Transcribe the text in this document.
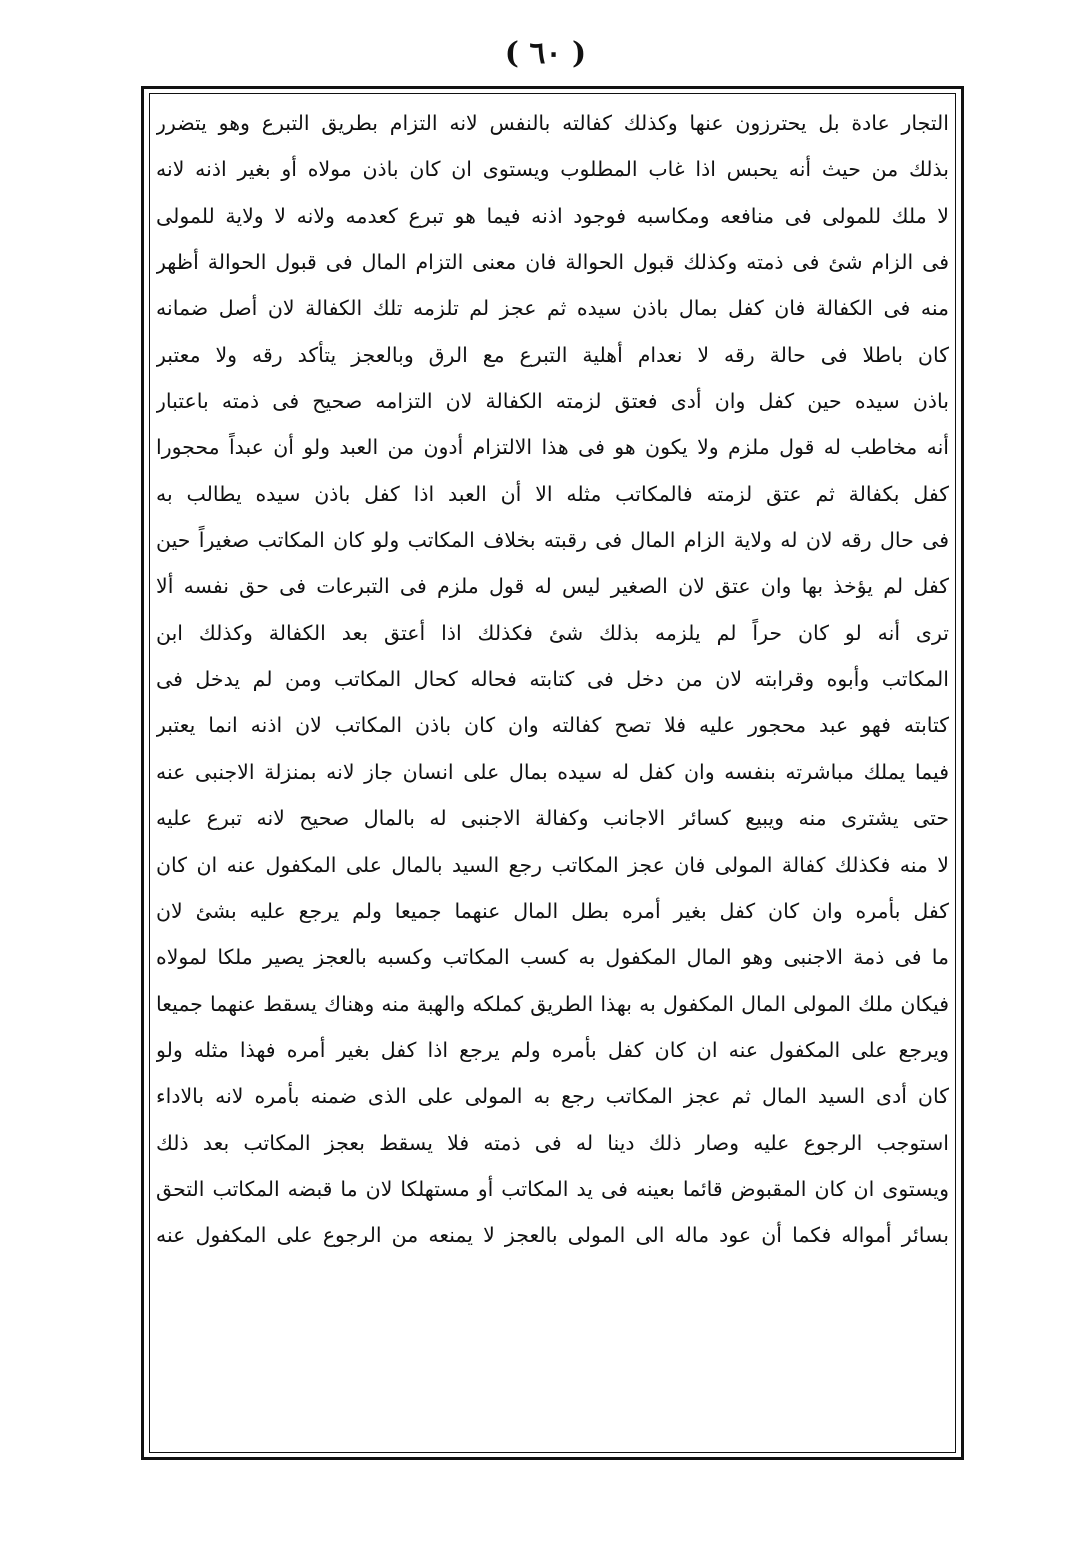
( ٦٠ )
التجار عادة بل يحترزون عنها وكذلك كفالته بالنفس لانه التزام بطريق التبرع وهو يتضرر
بذلك من حيث أنه يحبس اذا غاب المطلوب ويستوى ان كان باذن مولاه أو بغير اذنه لانه
لا ملك للمولى فى منافعه ومكاسبه فوجود اذنه فيما هو تبرع كعدمه ولانه لا ولاية للمولى
فى الزام شئ فى ذمته وكذلك قبول الحوالة فان معنى التزام المال فى قبول الحوالة أظهر
منه فى الكفالة فان كفل بمال باذن سيده ثم عجز لم تلزمه تلك الكفالة لان أصل ضمانه
كان باطلا فى حالة رقه لا نعدام أهلية التبرع مع الرق وبالعجز يتأكد رقه ولا معتبر
باذن سيده حين كفل وان أدى فعتق لزمته الكفالة لان التزامه صحيح فى ذمته باعتبار
أنه مخاطب له قول ملزم ولا يكون هو فى هذا الالتزام أدون من العبد ولو أن عبداً محجورا
كفل بكفالة ثم عتق لزمته فالمكاتب مثله الا أن العبد اذا كفل باذن سيده يطالب به
فى حال رقه لان له ولاية الزام المال فى رقبته بخلاف المكاتب ولو كان المكاتب صغيراً حين
كفل لم يؤخذ بها وان عتق لان الصغير ليس له قول ملزم فى التبرعات فى حق نفسه ألا
ترى أنه لو كان حراً لم يلزمه بذلك شئ فكذلك اذا أعتق بعد الكفالة وكذلك ابن
المكاتب وأبوه وقرابته لان من دخل فى كتابته فحاله كحال المكاتب ومن لم يدخل فى
كتابته فهو عبد محجور عليه فلا تصح كفالته وان كان باذن المكاتب لان اذنه انما يعتبر
فيما يملك مباشرته بنفسه وان كفل له سيده بمال على انسان جاز لانه بمنزلة الاجنبى عنه
حتى يشترى منه ويبيع كسائر الاجانب وكفالة الاجنبى له بالمال صحيح لانه تبرع عليه
لا منه فكذلك كفالة المولى فان عجز المكاتب رجع السيد بالمال على المكفول عنه ان كان
كفل بأمره وان كان كفل بغير أمره بطل المال عنهما جميعا ولم يرجع عليه بشئ لان
ما فى ذمة الاجنبى وهو المال المكفول به كسب المكاتب وكسبه بالعجز يصير ملكا لمولاه
فيكان ملك المولى المال المكفول به بهذا الطريق كملكه والهبة منه وهناك يسقط عنهما جميعا
ويرجع على المكفول عنه ان كان كفل بأمره ولم يرجع اذا كفل بغير أمره فهذا مثله ولو
كان أدى السيد المال ثم عجز المكاتب رجع به المولى على الذى ضمنه بأمره لانه بالاداء
استوجب الرجوع عليه وصار ذلك دينا له فى ذمته فلا يسقط بعجز المكاتب بعد ذلك
ويستوى ان كان المقبوض قائما بعينه فى يد المكاتب أو مستهلكا لان ما قبضه المكاتب التحق
بسائر أمواله فكما أن عود ماله الى المولى بالعجز لا يمنعه من الرجوع على المكفول عنه
